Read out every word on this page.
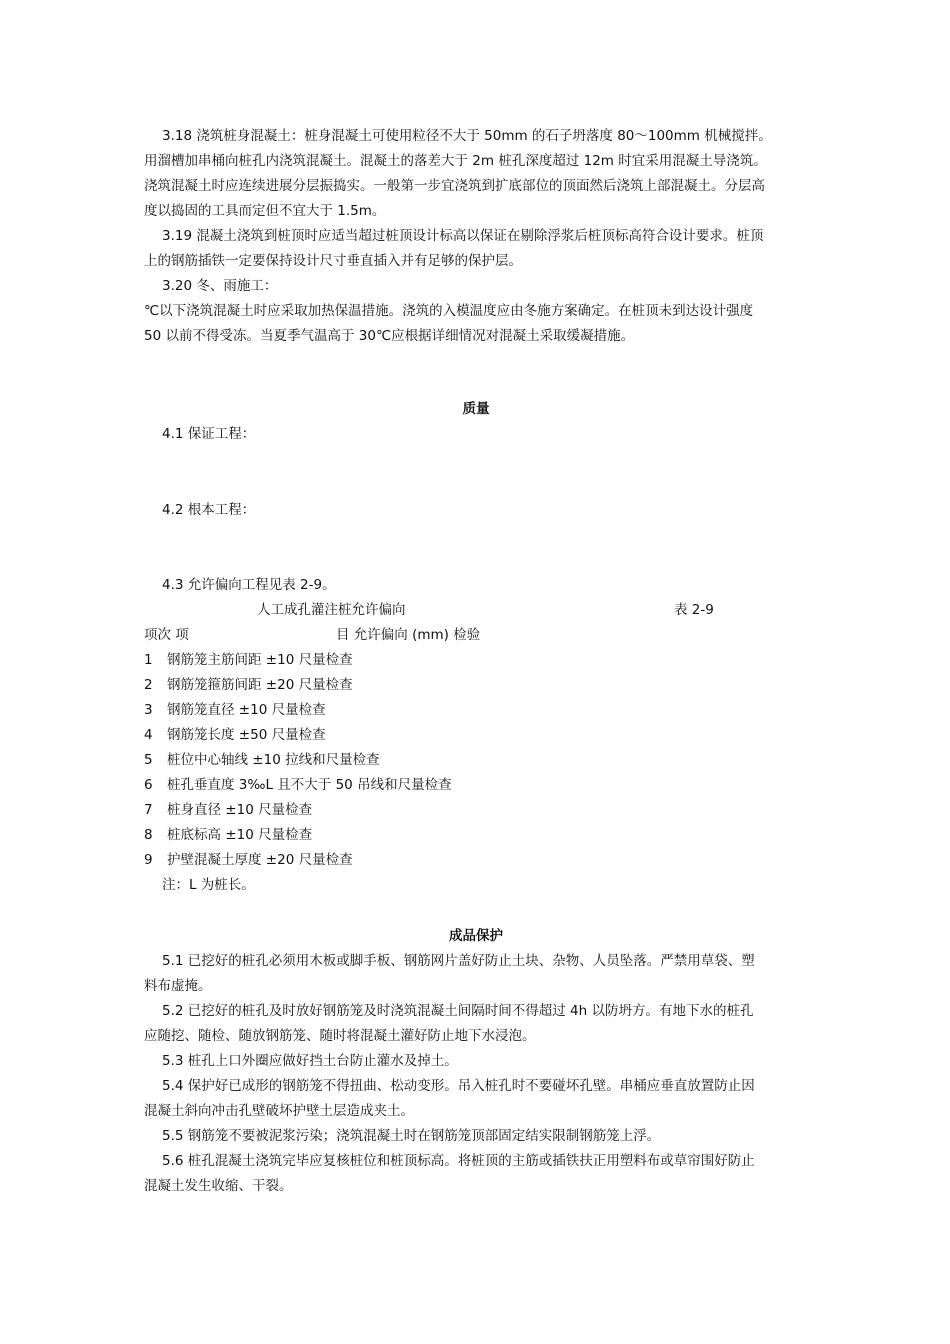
3.18 浇筑桩身混凝土：桩身混凝土可使用粒径不大于 50mm 的石子坍落度 80～100mm 机械搅拌。

用溜槽加串桶向桩孔内浇筑混凝土。混凝土的落差大于 2m 桩孔深度超过 12m 时宜采用混凝土导浇筑。

浇筑混凝土时应连续进展分层振捣实。一般第一步宜浇筑到扩底部位的顶面然后浇筑上部混凝土。分层高

度以捣固的工具而定但不宜大于 1.5m。

3.19 混凝土浇筑到桩顶时应适当超过桩顶设计标高以保证在剔除浮浆后桩顶标高符合设计要求。桩顶

上的钢筋插铁一定要保持设计尺寸垂直插入并有足够的保护层。

3.20 冬、雨施工：

℃以下浇筑混凝土时应采取加热保温措施。浇筑的入模温度应由冬施方案确定。在桩顶未到达设计强度

50 以前不得受冻。当夏季气温高于 30℃应根据详细情况对混凝土采取缓凝措施。

质量

4.1 保证工程：

4.2 根本工程：

4.3 允许偏向工程见表 2-9。

人工成孔灌注桩允许偏向	表 2-9
项次 项	目 允许偏向 (mm) 检验
1 钢筋笼主筋间距 ±10 尺量检查
2 钢筋笼箍筋间距 ±20 尺量检查
3 钢筋笼直径 ±10 尺量检查
4 钢筋笼长度 ±50 尺量检查
5 桩位中心轴线 ±10 拉线和尺量检查
6 桩孔垂直度 3‰L 且不大于 50 吊线和尺量检查
7 桩身直径 ±10 尺量检查
8 桩底标高 ±10 尺量检查
9 护壁混凝土厚度 ±20 尺量检查

注：L 为桩长。

成品保护

5.1 已挖好的桩孔必须用木板或脚手板、钢筋网片盖好防止土块、杂物、人员坠落。严禁用草袋、塑

料布虚掩。

5.2 已挖好的桩孔及时放好钢筋笼及时浇筑混凝土间隔时间不得超过 4h 以防坍方。有地下水的桩孔

应随挖、随检、随放钢筋笼、随时将混凝土灌好防止地下水浸泡。

5.3 桩孔上口外圈应做好挡土台防止灌水及掉土。

5.4 保护好已成形的钢筋笼不得扭曲、松动变形。吊入桩孔时不要碰坏孔壁。串桶应垂直放置防止因

混凝土斜向冲击孔壁破坏护壁土层造成夹土。

5.5 钢筋笼不要被泥浆污染；浇筑混凝土时在钢筋笼顶部固定结实限制钢筋笼上浮。

5.6 桩孔混凝土浇筑完毕应复核桩位和桩顶标高。将桩顶的主筋或插铁扶正用塑料布或草帘围好防止

混凝土发生收缩、干裂。
